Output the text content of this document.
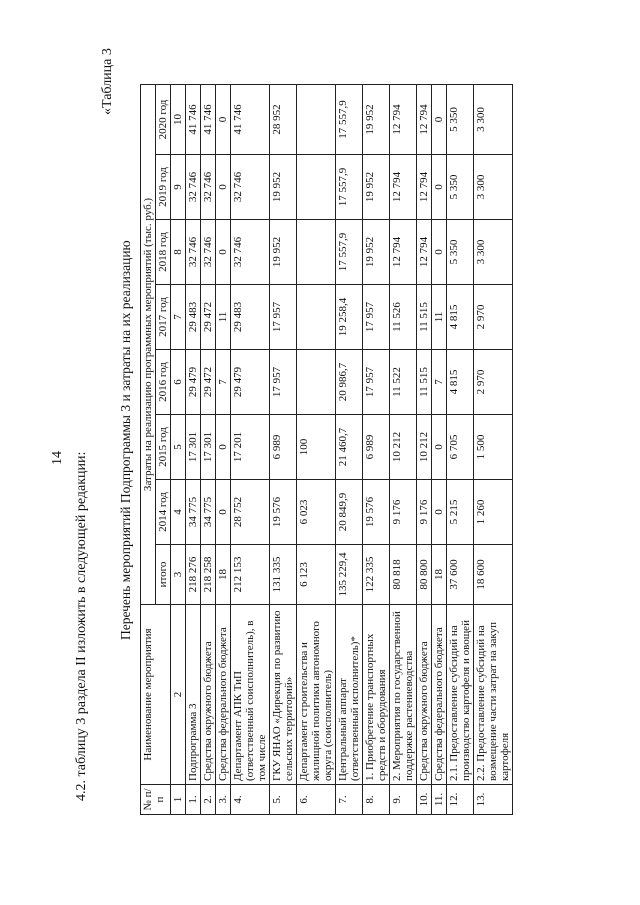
14 4.2. таблицу 3 раздела II изложить в следующей редакции:
«Таблица 3
Перечень мероприятий Подпрограммы 3 и затраты на их реализацию
№ п/п	Наименование мероприятия	Затраты на реализацию программных мероприятий (тыс. руб.)							
		итого	2014 год	2015 год	2016 год	2017 год	2018 год	2019 год	2020 год
1	2	3	4	5	6	7	8	9	10
1.	Подпрограмма 3	218 276	34 775	17 301	29 479	29 483	32 746	32 746	41 746
2.	Средства окружного бюджета	218 258	34 775	17 301	29 472	29 472	32 746	32 746	41 746
3.	Средства федерального бюджета	18	0	0	7	11	0	0	0
4.	Департамент АПК ТиП (ответственный соисполнитель), в том числе	212 153	28 752	17 201	29 479	29 483	32 746	32 746	41 746
5.	ГКУ ЯНАО «Дирекция по развитию сельских территорий»	131 335	19 576	6 989	17 957	17 957	19 952	19 952	28 952
6.	Департамент строительства и жилищной политики автономного округа (соисполнитель)	6 123	6 023	100					
7.	Центральный аппарат (ответственный исполнитель)*	135 229,4	20 849,9	21 460,7	20 986,7	19 258,4	17 557,9	17 557,9	17 557,9
8.	1. Приобретение транспортных средств и оборудования	122 335	19 576	6 989	17 957	17 957	19 952	19 952	19 952
9.	2. Мероприятия по государственной поддержке растениеводства	80 818	9 176	10 212	11 522	11 526	12 794	12 794	12 794
10.	Средства окружного бюджета	80 800	9 176	10 212	11 515	11 515	12 794	12 794	12 794
11.	Средства федерального бюджета	18	0	0	7	11	0	0	0
12.	2.1. Предоставление субсидий на производство картофеля и овощей	37 600	5 215	6 705	4 815	4 815	5 350	5 350	5 350
13.	2.2. Предоставление субсидий на возмещение части затрат на закуп картофеля	18 600	1 260	1 500	2 970	2 970	3 300	3 300	3 300
